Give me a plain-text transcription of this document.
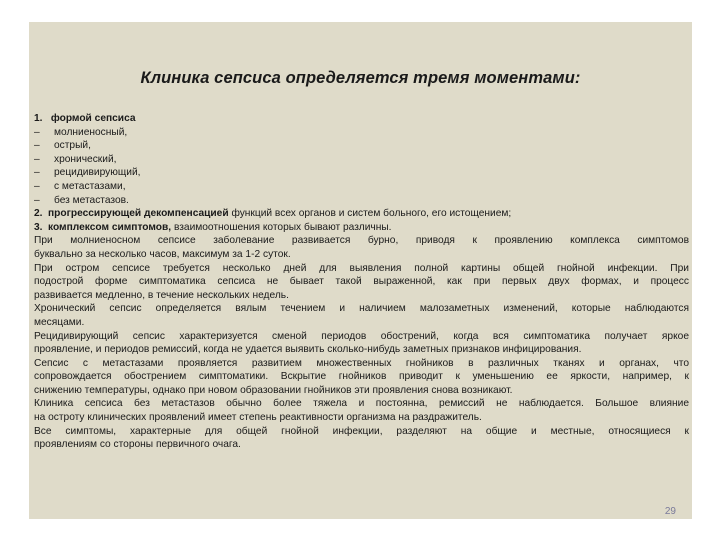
Клиника сепсиса определяется тремя моментами:
1. формой сепсиса
– молниеносный,
– острый,
– хронический,
– рецидивирующий,
– с метастазами,
– без метастазов.
2. прогрессирующей декомпенсацией функций всех органов и систем больного, его истощением;
3. комплексом симптомов, взаимоотношения которых бывают различны.
При молниеносном сепсисе заболевание развивается бурно, приводя к проявлению комплекса симптомов
буквально за несколько часов, максимум за 1-2 суток.
При остром сепсисе требуется несколько дней для выявления полной картины общей гнойной инфекции. При
подострой форме симптоматика сепсиса не бывает такой выраженной, как при первых двух формах, и процесс
развивается медленно, в течение нескольких недель.
Хронический сепсис определяется вялым течением и наличием малозаметных изменений, которые наблюдаются
месяцами.
Рецидивирующий сепсис характеризуется сменой периодов обострений, когда вся симптоматика получает яркое
проявление, и периодов ремиссий, когда не удается выявить сколько-нибудь заметных признаков инфицирования.
Сепсис с метастазами проявляется развитием множественных гнойников в различных тканях и органах, что
сопровождается обострением симптоматики. Вскрытие гнойников приводит к уменьшению ее яркости, например, к
снижению температуры, однако при новом образовании гнойников эти проявления снова возникают.
Клиника сепсиса без метастазов обычно более тяжела и постоянна, ремиссий не наблюдается. Большое влияние
на остроту клинических проявлений имеет степень реактивности организма на раздражитель.
Все симптомы, характерные для общей гнойной инфекции, разделяют на общие и местные, относящиеся к
проявлениям со стороны первичного очага.
29
